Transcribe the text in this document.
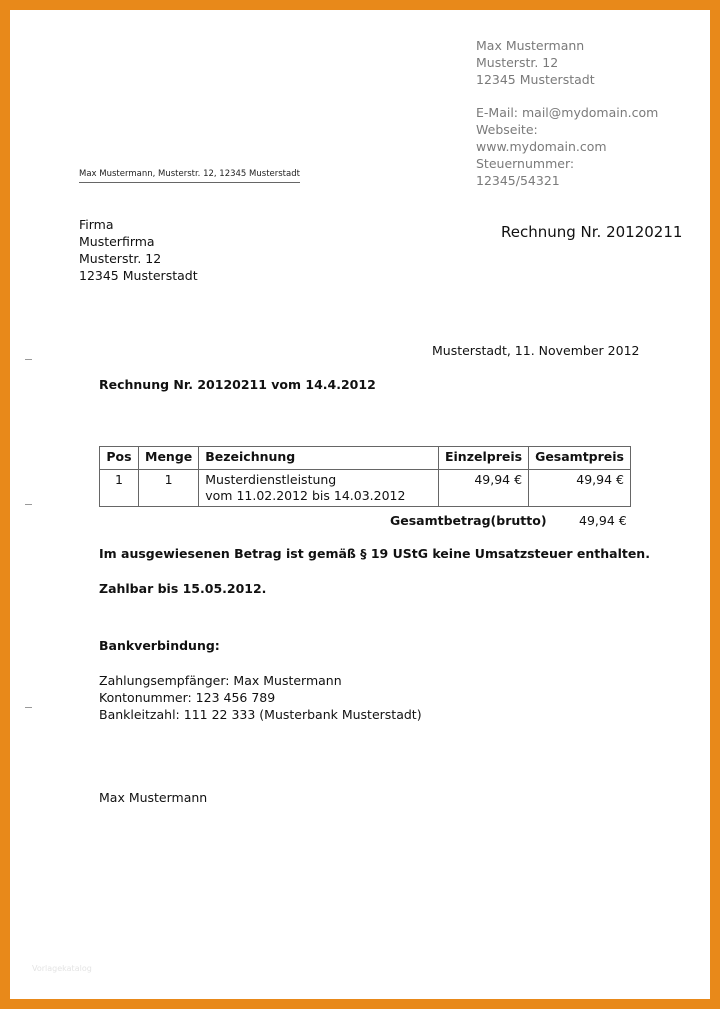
Max Mustermann
Musterstr. 12
12345 Musterstadt
E-Mail: mail@mydomain.com
Webseite:
www.mydomain.com
Steuernummer:
12345/54321
Max Mustermann, Musterstr. 12, 12345 Musterstadt
Firma
Musterfirma
Musterstr. 12
12345 Musterstadt
Rechnung Nr. 20120211
Musterstadt, 11. November 2012
Rechnung Nr. 20120211 vom 14.4.2012
Pos	Menge	Bezeichnung	Einzelpreis	Gesamtpreis
1	1	Musterdienstleistung
vom 11.02.2012 bis 14.03.2012	49,94 €	49,94 €
Gesamtbetrag(brutto)	49,94 €
Im ausgewiesenen Betrag ist gemäß § 19 UStG keine Umsatzsteuer enthalten.
Zahlbar bis 15.05.2012.
Bankverbindung:
Zahlungsempfänger: Max Mustermann
Kontonummer: 123 456 789
Bankleitzahl: 111 22 333 (Musterbank Musterstadt)
Max Mustermann
Vorlagekatalog
